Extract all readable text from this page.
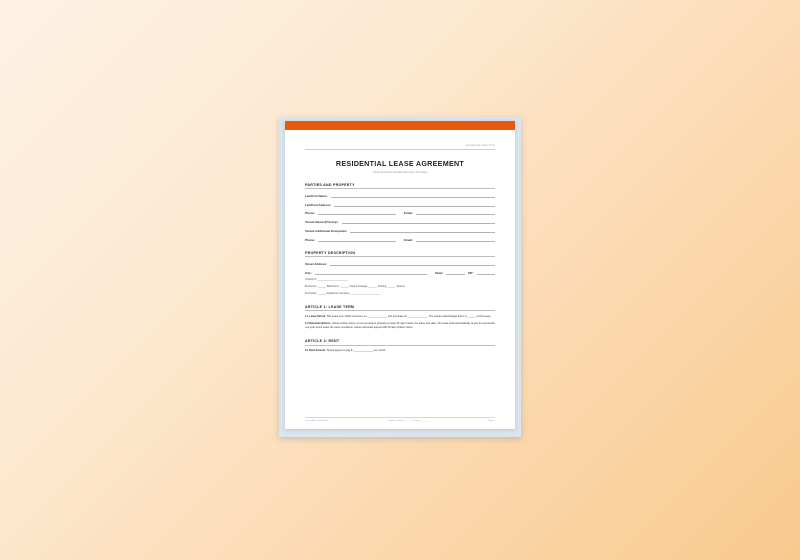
Residential Lease Form
RESIDENTIAL LEASE AGREEMENT
Comprehensive Residential Lease Template
PARTIES AND PROPERTY
Landlord Name:
Landlord Address:
Phone:	Email:
Tenant Name (Primary):
Tenant Additional Occupants:
Phone:	Email:
PROPERTY DESCRIPTION
Street Address:
City:	State:	ZIP:
Unit/Apt #: ______________________
Bedrooms: ______ Bathrooms: ______ Square Footage: ______ Parking: ______ Spaces
Furnished: ______ Appliances Included: ______________________
ARTICLE 1: LEASE TERM
1.1 Lease Period. This lease term shall commence on ______________ and terminate on ______________. The parties acknowledge this is a ______ month lease.
1.2 Renewal Options. Unless written notice of non-renewal is provided at least 30 days before the lease end date, this lease shall automatically renew for successive one-year terms under the same conditions, unless otherwise agreed with 30 days written notice.
ARTICLE 2: RENT
2.1 Rent Amount. Tenant agrees to pay $ ______________ per month.
Lease Agreement Form	Initials: Landlord ______ / Tenant ______	Page 1
